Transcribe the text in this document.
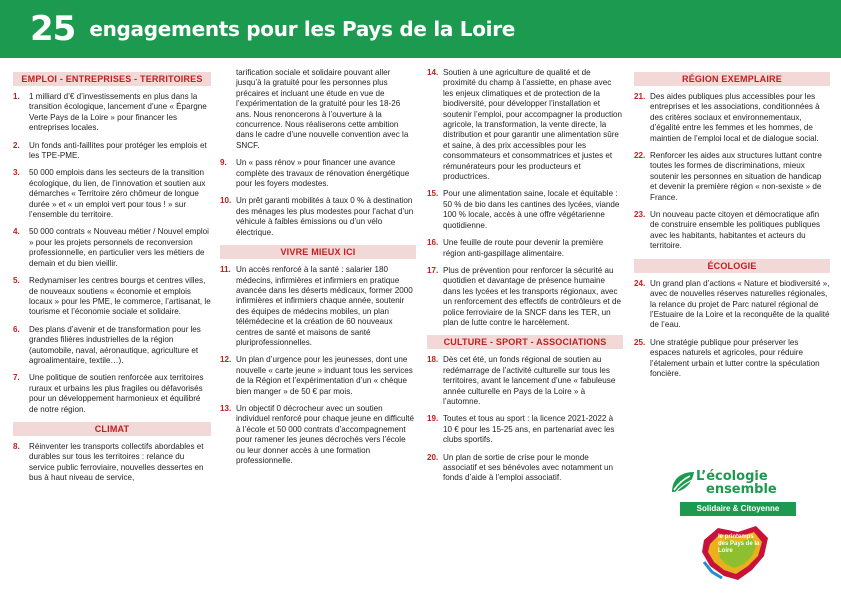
25 engagements pour les Pays de la Loire
EMPLOI - ENTREPRISES - TERRITOIRES
1.	1 milliard d’€ d’investissements en plus dans la transition écologique, lancement d’une « Épargne Verte Pays de la Loire » pour financer les entreprises locales.
2.	Un fonds anti-faillites pour protéger les emplois et les TPE-PME.
3.	50 000 emplois dans les secteurs de la transition écologique, du lien, de l’innovation et soutien aux démarches « Territoire zéro chômeur de longue durée » et « un emploi vert pour tous ! » sur l’ensemble du territoire.
4.	50 000 contrats « Nouveau métier / Nouvel emploi » pour les projets personnels de reconversion professionnelle, en particulier vers les métiers de demain et du bien vieillir.
5.	Redynamiser les centres bourgs et centres villes, de nouveaux soutiens « économie et emplois locaux » pour les PME, le commerce, l’artisanat, le tourisme et l’économie sociale et solidaire.
6.	Des plans d’avenir et de transformation pour les grandes filières industrielles de la région (automobile, naval, aéronautique, agriculture et agroalimentaire, textile…).
7.	Une politique de soutien renforcée aux territoires ruraux et urbains les plus fragiles ou défavorisés pour un développement harmonieux et équilibré de notre région.
CLIMAT
8.	Réinventer les transports collectifs abordables et durables sur tous les territoires : relance du service public ferroviaire, nouvelles dessertes en bus à haut niveau de service,
tarification sociale et solidaire pouvant aller jusqu’à la gratuité pour les personnes plus précaires et incluant une étude en vue de l’expérimentation de la gratuité pour les 18-26 ans. Nous renoncerons à l’ouverture à la concurrence. Nous réaliserons cette ambition dans le cadre d’une nouvelle convention avec la SNCF.
9.	Un « pass rénov » pour financer une avance complète des travaux de rénovation énergétique pour les foyers modestes.
10. Un prêt garanti mobilités à taux 0 % à destination des ménages les plus modestes pour l’achat d’un véhicule à faibles émissions ou d’un vélo électrique.
VIVRE MIEUX ICI
11. Un accès renforcé à la santé : salarier 180 médecins, infirmières et infirmiers en pratique avancée dans les déserts médicaux, former 2000 infirmières et infirmiers chaque année, soutenir des équipes de médecins mobiles, un plan télémédecine et la création de 60 nouveaux centres de santé et maisons de santé pluriprofessionnelles.
12. Un plan d’urgence pour les jeunesses, dont une nouvelle « carte jeune » induant tous les services de la Région et l’expérimentation d’un « chèque bien manger » de 50 € par mois.
13. Un objectif 0 décrocheur avec un soutien individuel renforcé pour chaque jeune en difficulté à l’école et 50 000 contrats d’accompagnement pour ramener les jeunes décrochés vers l’école ou leur donner accès à une formation professionnelle.
14. Soutien à une agriculture de qualité et de proximité du champ à l’assiette, en phase avec les enjeux climatiques et de protection de la biodiversité, pour développer l’installation et soutenir l’emploi, pour accompagner la production agricole, la transformation, la vente directe, la distribution et pour garantir une alimentation sûre et saine, à des prix accessibles pour les consommateurs et consommatrices et justes et rémunérateurs pour les producteurs et productrices.
15. Pour une alimentation saine, locale et équitable : 50 % de bio dans les cantines des lycées, viande 100 % locale, accès à une offre végétarienne quotidienne.
16. Une feuille de route pour devenir la première région anti-gaspillage alimentaire.
17. Plus de prévention pour renforcer la sécurité au quotidien et davantage de présence humaine dans les lycées et les transports régionaux, avec un renforcement des effectifs de contrôleurs et de police ferroviaire de la SNCF dans les TER, un plan de lutte contre le harcèlement.
CULTURE - SPORT - ASSOCIATIONS
18. Dès cet été, un fonds régional de soutien au redémarrage de l’activité culturelle sur tous les territoires, avant le lancement d’une « fabuleuse année culturelle en Pays de la Loire » à l’automne.
19. Toutes et tous au sport : la licence 2021-2022 à 10 € pour les 15-25 ans, en partenariat avec les clubs sportifs.
20. Un plan de sortie de crise pour le monde associatif et ses bénévoles avec notamment un fonds d’aide à l’emploi associatif.
RÉGION EXEMPLAIRE
21. Des aides publiques plus accessibles pour les entreprises et les associations, conditionnées à des critères sociaux et environnementaux, d’égalité entre les femmes et les hommes, de maintien de l’emploi local et de dialogue social.
22. Renforcer les aides aux structures luttant contre toutes les formes de discriminations, mieux soutenir les personnes en situation de handicap et devenir la première région « non-sexiste » de France.
23. Un nouveau pacte citoyen et démocratique afin de construire ensemble les politiques publiques avec les habitants, habitantes et acteurs du territoire.
ÉCOLOGIE
24. Un grand plan d’actions « Nature et biodiversité », avec de nouvelles réserves naturelles régionales, la relance du projet de Parc naturel régional de l’Estuaire de la Loire et la reconquête de la qualité de l’eau.
25. Une stratégie publique pour préserver les espaces naturels et agricoles, pour réduire l’étalement urbain et lutter contre la spéculation foncière.
L’écologie
ensemble
Solidaire & Citoyenne
le printemps des Pays de la Loire
